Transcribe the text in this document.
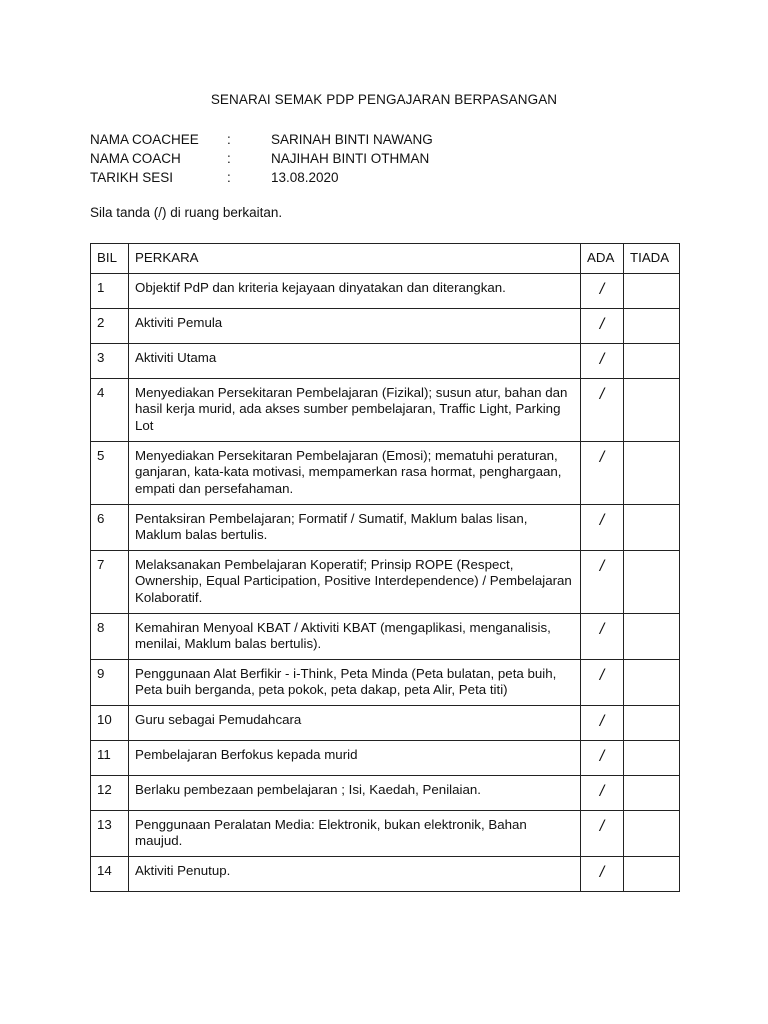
SENARAI SEMAK PDP PENGAJARAN BERPASANGAN
NAMA COACHEE	:	SARINAH BINTI NAWANG
NAMA COACH	:	NAJIHAH BINTI OTHMAN
TARIKH SESI	:	13.08.2020
Sila tanda (/) di ruang berkaitan.
BIL	PERKARA	ADA	TIADA
1	Objektif PdP dan kriteria kejayaan dinyatakan dan diterangkan.	/	
2	Aktiviti Pemula	/	
3	Aktiviti Utama	/	
4	Menyediakan Persekitaran Pembelajaran (Fizikal); susun atur, bahan dan hasil kerja murid, ada akses sumber pembelajaran, Traffic Light, Parking Lot	/	
5	Menyediakan Persekitaran Pembelajaran (Emosi); mematuhi peraturan, ganjaran, kata-kata motivasi, mempamerkan rasa hormat, penghargaan, empati dan persefahaman.	/	
6	Pentaksiran Pembelajaran; Formatif / Sumatif, Maklum balas lisan, Maklum balas bertulis.	/	
7	Melaksanakan Pembelajaran Koperatif; Prinsip ROPE (Respect, Ownership, Equal Participation, Positive Interdependence) / Pembelajaran Kolaboratif.	/	
8	Kemahiran Menyoal KBAT / Aktiviti KBAT (mengaplikasi, menganalisis, menilai, Maklum balas bertulis).	/	
9	Penggunaan Alat Berfikir - i-Think, Peta Minda (Peta bulatan, peta buih, Peta buih berganda, peta pokok, peta dakap, peta Alir, Peta titi)	/	
10	Guru sebagai Pemudahcara	/	
11	Pembelajaran Berfokus kepada murid	/	
12	Berlaku pembezaan pembelajaran ; Isi, Kaedah, Penilaian.	/	
13	Penggunaan Peralatan Media: Elektronik, bukan elektronik, Bahan maujud.	/	
14	Aktiviti Penutup.	/	
